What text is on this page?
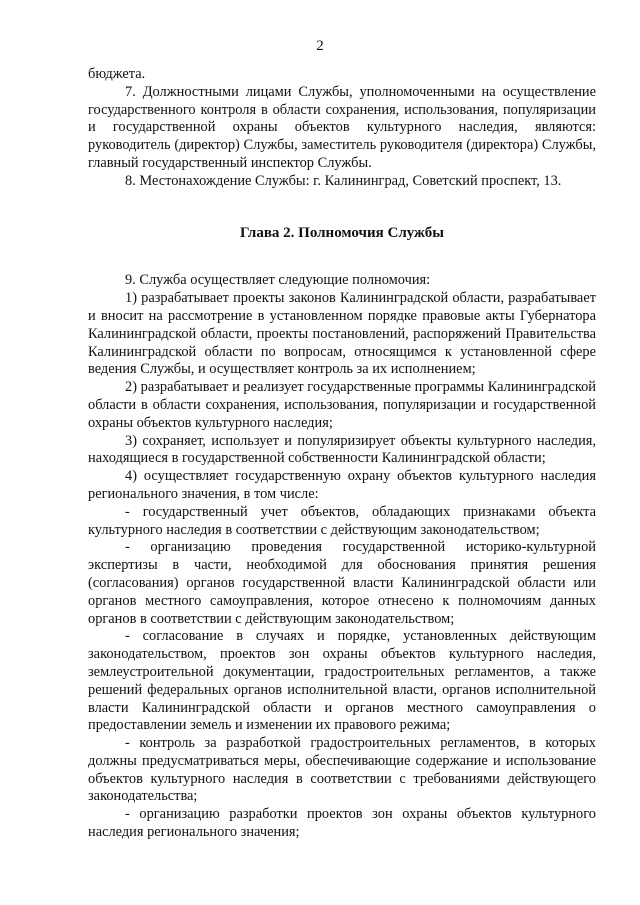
2

бюджета.

7. Должностными лицами Службы, уполномоченными на осуществление государственного контроля в области сохранения, использования, популяризации и государственной охраны объектов культурного наследия, являются: руководитель (директор) Службы, заместитель руководителя (директора) Службы, главный государственный инспектор Службы.

8. Местонахождение Службы: г. Калининград, Советский проспект, 13.

Глава 2. Полномочия Службы

9. Служба осуществляет следующие полномочия:

1) разрабатывает проекты законов Калининградской области, разрабатывает и вносит на рассмотрение в установленном порядке правовые акты Губернатора Калининградской области, проекты постановлений, распоряжений Правительства Калининградской области по вопросам, относящимся к установленной сфере ведения Службы, и осуществляет контроль за их исполнением;

2) разрабатывает и реализует государственные программы Калининградской области в области сохранения, использования, популяризации и государственной охраны объектов культурного наследия;

3) сохраняет, использует и популяризирует объекты культурного наследия, находящиеся в государственной собственности Калининградской области;

4) осуществляет государственную охрану объектов культурного наследия регионального значения, в том числе:

- государственный учет объектов, обладающих признаками объекта культурного наследия в соответствии с действующим законодательством;

- организацию проведения государственной историко-культурной экспертизы в части, необходимой для обоснования принятия решения (согласования) органов государственной власти Калининградской области или органов местного самоуправления, которое отнесено к полномочиям данных органов в соответствии с действующим законодательством;

- согласование в случаях и порядке, установленных действующим законодательством, проектов зон охраны объектов культурного наследия, землеустроительной документации, градостроительных регламентов, а также решений федеральных органов исполнительной власти, органов исполнительной власти Калининградской области и органов местного самоуправления о предоставлении земель и изменении их правового режима;

- контроль за разработкой градостроительных регламентов, в которых должны предусматриваться меры, обеспечивающие содержание и использование объектов культурного наследия в соответствии с требованиями действующего законодательства;

- организацию разработки проектов зон охраны объектов культурного наследия регионального значения;
